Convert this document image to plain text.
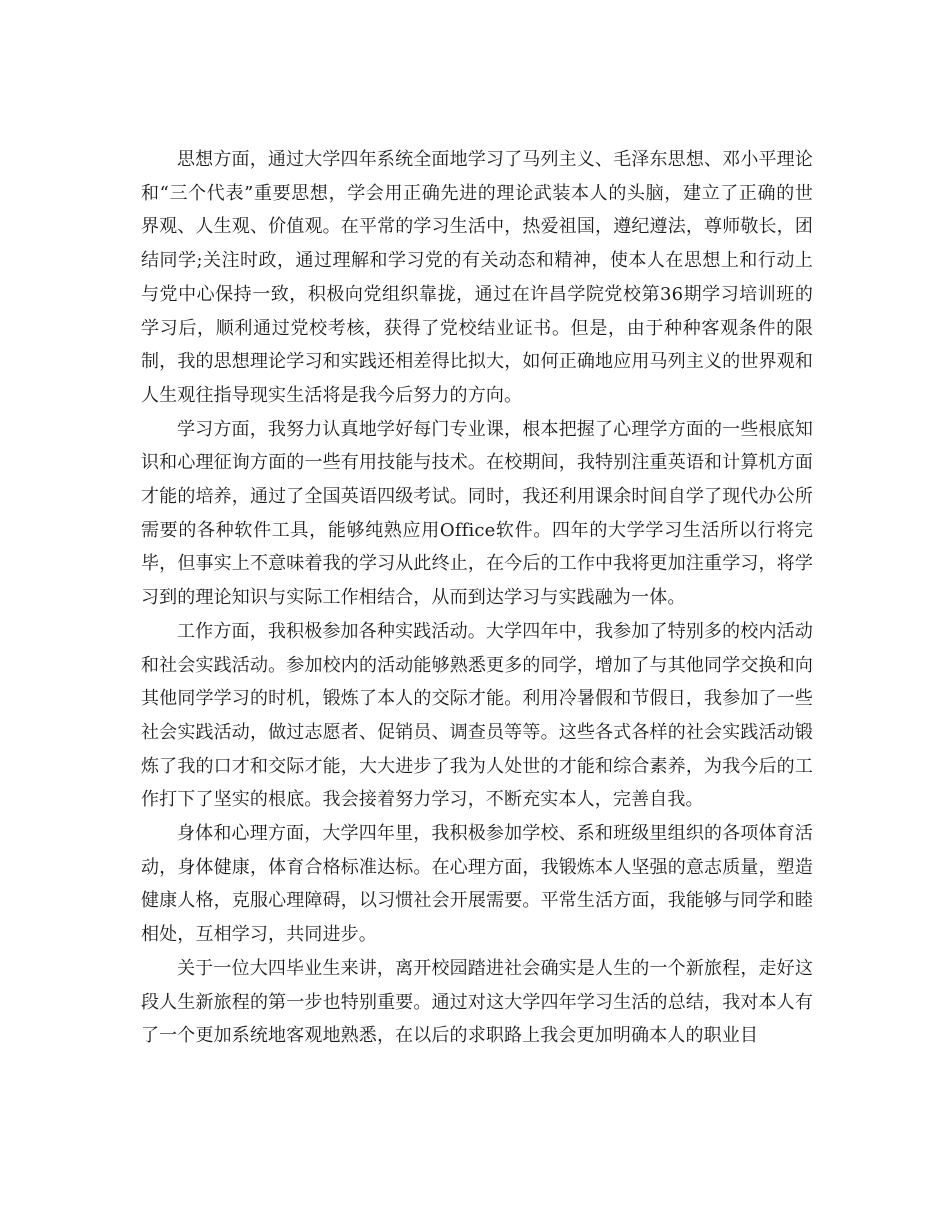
思想方面，通过大学四年系统全面地学习了马列主义、毛泽东思想、邓小平理论和“三个代表”重要思想，学会用正确先进的理论武装本人的头脑，建立了正确的世界观、人生观、价值观。在平常的学习生活中，热爱祖国，遵纪遵法，尊师敬长，团结同学;关注时政，通过理解和学习党的有关动态和精神，使本人在思想上和行动上与党中心保持一致，积极向党组织靠拢，通过在许昌学院党校第36期学习培训班的学习后，顺利通过党校考核，获得了党校结业证书。但是，由于种种客观条件的限制，我的思想理论学习和实践还相差得比拟大，如何正确地应用马列主义的世界观和人生观往指导现实生活将是我今后努力的方向。

学习方面，我努力认真地学好每门专业课，根本把握了心理学方面的一些根底知识和心理征询方面的一些有用技能与技术。在校期间，我特别注重英语和计算机方面才能的培养，通过了全国英语四级考试。同时，我还利用课余时间自学了现代办公所需要的各种软件工具，能够纯熟应用Office软件。四年的大学学习生活所以行将完毕，但事实上不意味着我的学习从此终止，在今后的工作中我将更加注重学习，将学习到的理论知识与实际工作相结合，从而到达学习与实践融为一体。

工作方面，我积极参加各种实践活动。大学四年中，我参加了特别多的校内活动和社会实践活动。参加校内的活动能够熟悉更多的同学，增加了与其他同学交换和向其他同学学习的时机，锻炼了本人的交际才能。利用冷暑假和节假日，我参加了一些社会实践活动，做过志愿者、促销员、调查员等等。这些各式各样的社会实践活动锻炼了我的口才和交际才能，大大进步了我为人处世的才能和综合素养，为我今后的工作打下了坚实的根底。我会接着努力学习，不断充实本人，完善自我。

身体和心理方面，大学四年里，我积极参加学校、系和班级里组织的各项体育活动，身体健康，体育合格标准达标。在心理方面，我锻炼本人坚强的意志质量，塑造健康人格，克服心理障碍，以习惯社会开展需要。平常生活方面，我能够与同学和睦相处，互相学习，共同进步。

关于一位大四毕业生来讲，离开校园踏进社会确实是人生的一个新旅程，走好这段人生新旅程的第一步也特别重要。通过对这大学四年学习生活的总结，我对本人有了一个更加系统地客观地熟悉，在以后的求职路上我会更加明确本人的职业目
